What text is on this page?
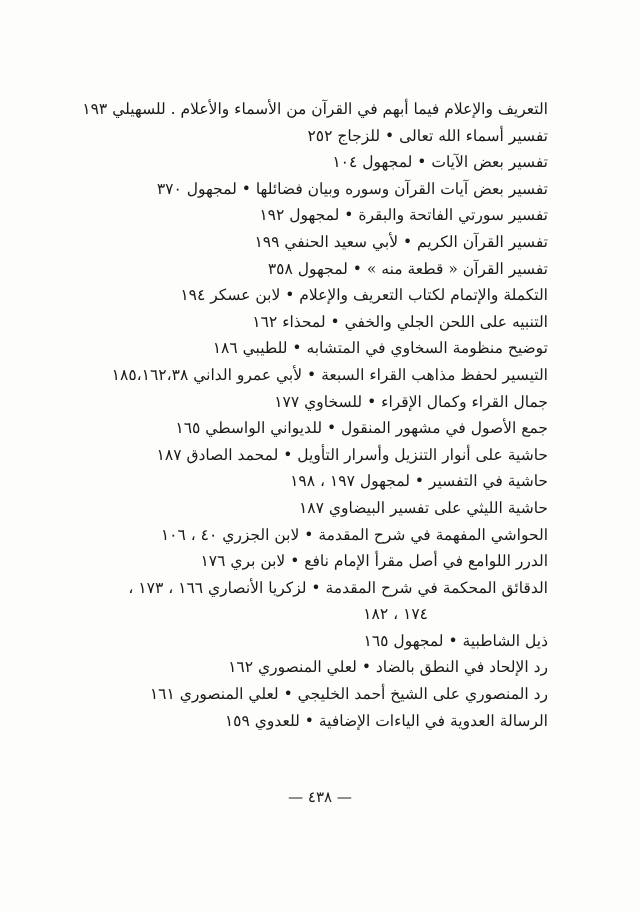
التعريف والإعلام فيما أبهم في القرآن من الأسماء والأعلام . للسهيلي ١٩٣
تفسير أسماء الله تعالى • للزجاج ٢٥٢
تفسير بعض الآيات • لمجهول ١٠٤
تفسير بعض آيات القرآن وسوره وبيان فضائلها • لمجهول ٣٧٠
تفسير سورتي الفاتحة والبقرة • لمجهول ١٩٢
تفسير القرآن الكريم • لأبي سعيد الحنفي ١٩٩
تفسير القرآن « قطعة منه » • لمجهول ٣٥٨
التكملة والإتمام لكتاب التعريف والإعلام • لابن عسكر ١٩٤
التنبيه على اللحن الجلي والخفي • لمحذاء ١٦٢
توضيح منظومة السخاوي في المتشابه • للطيبي ١٨٦
التيسير لحفظ مذاهب القراء السبعة • لأبي عمرو الداني ١٨٥،١٦٢،٣٨
جمال القراء وكمال الإقراء • للسخاوي ١٧٧
جمع الأصول في مشهور المنقول • للديواني الواسطي ١٦٥
حاشية على أنوار التنزيل وأسرار التأويل • لمحمد الصادق ١٨٧
حاشية في التفسير • لمجهول ١٩٧ ، ١٩٨
حاشية الليثي على تفسير البيضاوي ١٨٧
الحواشي المفهمة في شرح المقدمة • لابن الجزري ٤٠ ، ١٠٦
الدرر اللوامع في أصل مقرأ الإمام نافع • لابن بري ١٧٦
الدقائق المحكمة في شرح المقدمة • لزكريا الأنصاري ١٦٦ ، ١٧٣ ،
١٧٤ ، ١٨٢
ذيل الشاطبية • لمجهول ١٦٥
رد الإلحاد في النطق بالضاد • لعلي المنصوري ١٦٢
رد المنصوري على الشيخ أحمد الخليجي • لعلي المنصوري ١٦١
الرسالة العدوية في الياءات الإضافية • للعدوي ١٥٩
— ٤٣٨ —
